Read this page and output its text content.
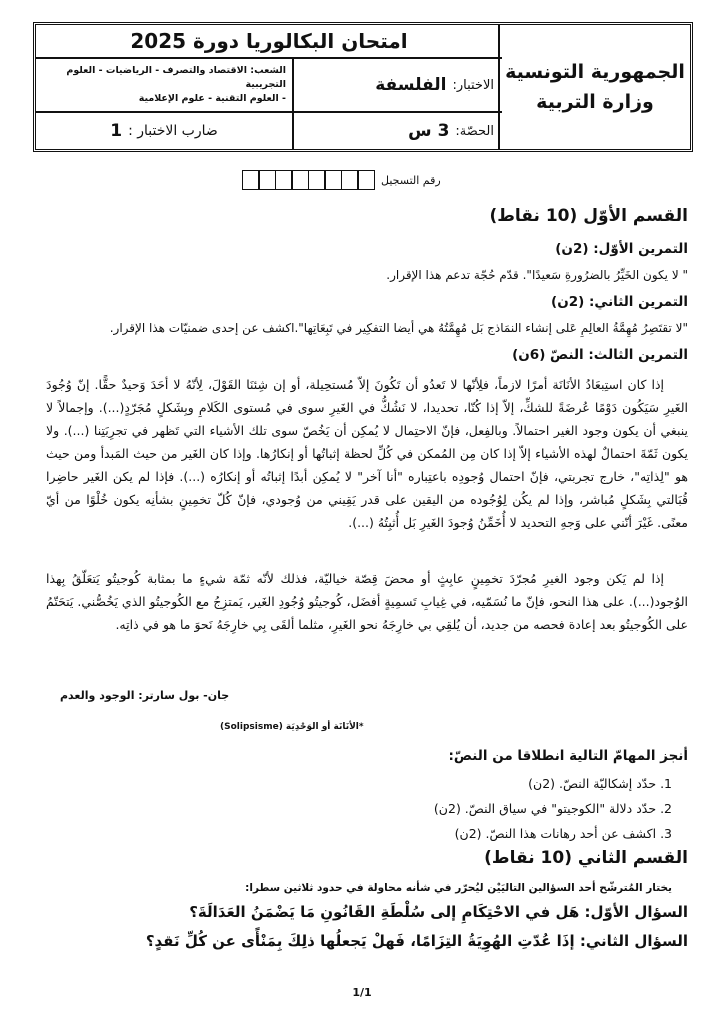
الجمهورية التونسية
وزارة التربية
امتحان البكالوريا دورة 2025
الاختبار:
الفلسفة
الشعب: الاقتصاد والتصرف - الرياضيات - العلوم التجريبية
- العلوم التقنية - علوم الإعلامية
الحصّة:
3 س
ضارب الاختبار :
1
رقم التسجيل
القسم الأوّل (10 نقاط)
التمرين الأوّل: (2ن)
" لا يكون الخَيِّرُ بالضرُورةِ سَعيدًا". قدّم حُجّة تدعم هذا الإقرار.
التمرين الثاني: (2ن)
"لا تقتَصِرُ مُهِمَّةُ العالِمِ عَلى إنشاء النمَاذج بَل مُهِمَّتُهُ هي أيضا التفكِير في تَبِعَاتِها".اكشف عن إحدى ضمنيّات هذا الإقرار.
التمرين الثالث: النصّ (6ن)
إذا كان استِبعَادُ الأنَانَة أمرًا لازماً، فلِأنّها لا تَعدُو أن تَكُونَ إلاّ مُستحِيلة، أو إن شِئنَا القَوْلَ، لِأنّهُ لا أحَدَ وَحيدٌ حقًّا. إنّ وُجُودَ الغَيرِ سَيَكُون دَوْمًا عُرضَةً للشكِّ، إلاّ إذا كُنّا، تحديدا، لا نَشُكُّ في الغَيرِ سوى في مُستوى الكَلامِ وبِشَكلٍ مُجَرّدٍ(...). وإجمالاً لا ينبغي أن يكون وجود الغير احتمالاً. وبالفِعل، فإنّ الاحتِمال لا يُمكِن أن يَخُصّ سوى تلك الأشياء التي تَظهر في تجرِبَتِنا (...). ولا يكون ثَمّةَ احتمالٌ لهذه الأشياء إلاّ إذا كان مِن المُمكن في كُلِّ لحظة إثباتُها أو إنكارُها. وإذا كان الغَير من حيث المَبدأ ومن حيث هو "لِذاتِه"، خارج تجربتي، فإنّ احتمال وُجودِه باعتِباره "أنا آخر" لا يُمكِن أبدًا إثباتُه أو إنكارُه (...). فإذا لم يكن الغَير حاضِرا قُبَالتي بِشَكلٍ مُباشر، وإذا لم يكُن لِوُجُوده من اليقين على قدر يَقِيني من وُجودي، فإنّ كُلّ تخمِينٍ بشأنِه يكون خُلْوًا من أيّ معنًى. غَيْرَ أنّني على وَجهِ التحديد لا أُخَمِّنُ وُجودَ الغَيرِ بَل أُثبِتُهُ (...).
إذا لم يَكن وجود الغيرِ مُجرّدَ تخمِينٍ عابِثٍ أو محضَ قِصّة خياليّة، فذلك لأنّه ثمّة شيءٍ ما بمثابة كُوجيتُو يَتعَلّقُ بِهذا الوُجود(...). على هذا النحو، فإنّ ما نُسَمّيه، في غِيابِ تَسمِيةٍ أفضَل، كُوجيتُو وُجُودِ الغَير، يَمتزِجُ مع الكُوجيتُو الذي يَخُصُّني. يَتحَتّمُ على الكُوجيتُو بعد إعادة فحصه من جديد، أن يُلقِي بي خارِجَهُ نحو الغَيرِ، مثلما ألقَى بِي خارِجَهُ نَحوَ ما هو في ذاتِه.
جان- بول سارتر: الوجود والعدم
*الأنَانَة أو الوَحْدِيَة (Solipsisme)
أنجز المهامّ التالية انطلاقا من النصّ:
1. حدّد إشكاليّة النصّ. (2ن)
2. حدّد دلالة "الكوجيتو" في سياق النصّ. (2ن)
3. اكشف عن أحد رهانات هذا النصّ. (2ن)
القسم الثاني (10 نقاط)
يختار المُترشّح أحد السؤالين التاليَيْن ليُحرّر في شأنه محاولة في حدود ثلاثين سطرا:
السؤال الأوّل: هَل في الاحْتِكَامِ إلى سُلْطَةِ القَانُونِ مَا يَضْمَنُ العَدَالَةَ؟
السؤال الثاني: إذَا عُدّتِ الهُوِيَةُ التِزَامًا، فَهلْ يَجعلُها ذلِكَ بِمَنْأًى عن كُلِّ نَقدٍ؟
1/1
